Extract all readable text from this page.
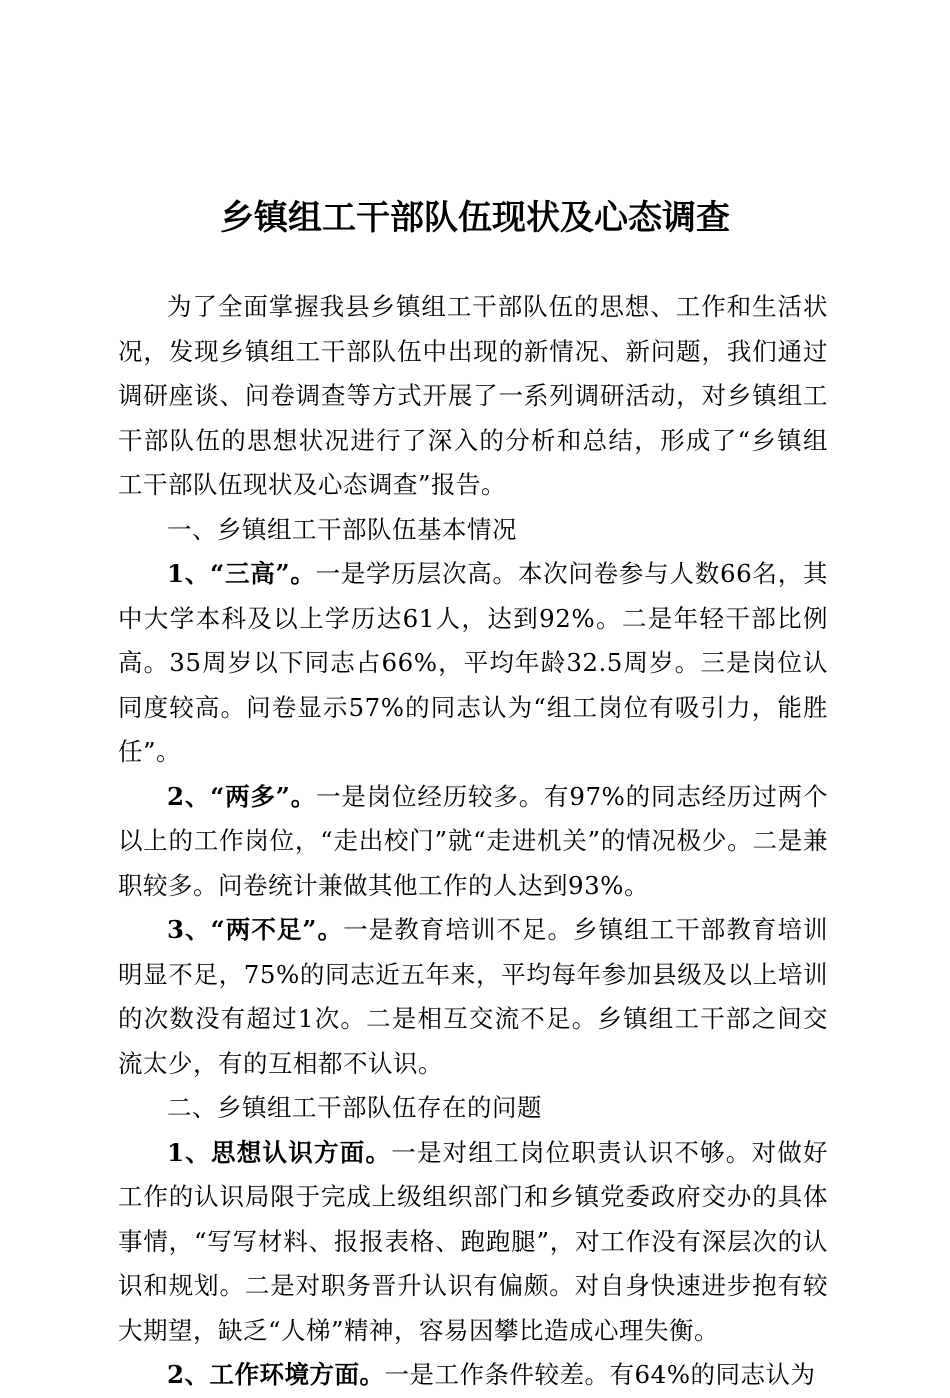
乡镇组工干部队伍现状及心态调查

为了全面掌握我县乡镇组工干部队伍的思想、工作和生活状况，发现乡镇组工干部队伍中出现的新情况、新问题，我们通过调研座谈、问卷调查等方式开展了一系列调研活动，对乡镇组工干部队伍的思想状况进行了深入的分析和总结，形成了“乡镇组工干部队伍现状及心态调查”报告。

一、乡镇组工干部队伍基本情况

1、“三高”。一是学历层次高。本次问卷参与人数66名，其中大学本科及以上学历达61人，达到92%。二是年轻干部比例高。35周岁以下同志占66%，平均年龄32.5周岁。三是岗位认同度较高。问卷显示57%的同志认为“组工岗位有吸引力，能胜任”。

2、“两多”。一是岗位经历较多。有97%的同志经历过两个以上的工作岗位，“走出校门”就“走进机关”的情况极少。二是兼职较多。问卷统计兼做其他工作的人达到93%。

3、“两不足”。一是教育培训不足。乡镇组工干部教育培训明显不足，75%的同志近五年来，平均每年参加县级及以上培训的次数没有超过1次。二是相互交流不足。乡镇组工干部之间交流太少，有的互相都不认识。

二、乡镇组工干部队伍存在的问题

1、思想认识方面。一是对组工岗位职责认识不够。对做好工作的认识局限于完成上级组织部门和乡镇党委政府交办的具体事情，“写写材料、报报表格、跑跑腿”，对工作没有深层次的认识和规划。二是对职务晋升认识有偏颇。对自身快速进步抱有较大期望，缺乏“人梯”精神，容易因攀比造成心理失衡。

2、工作环境方面。一是工作条件较差。有64%的同志认为
